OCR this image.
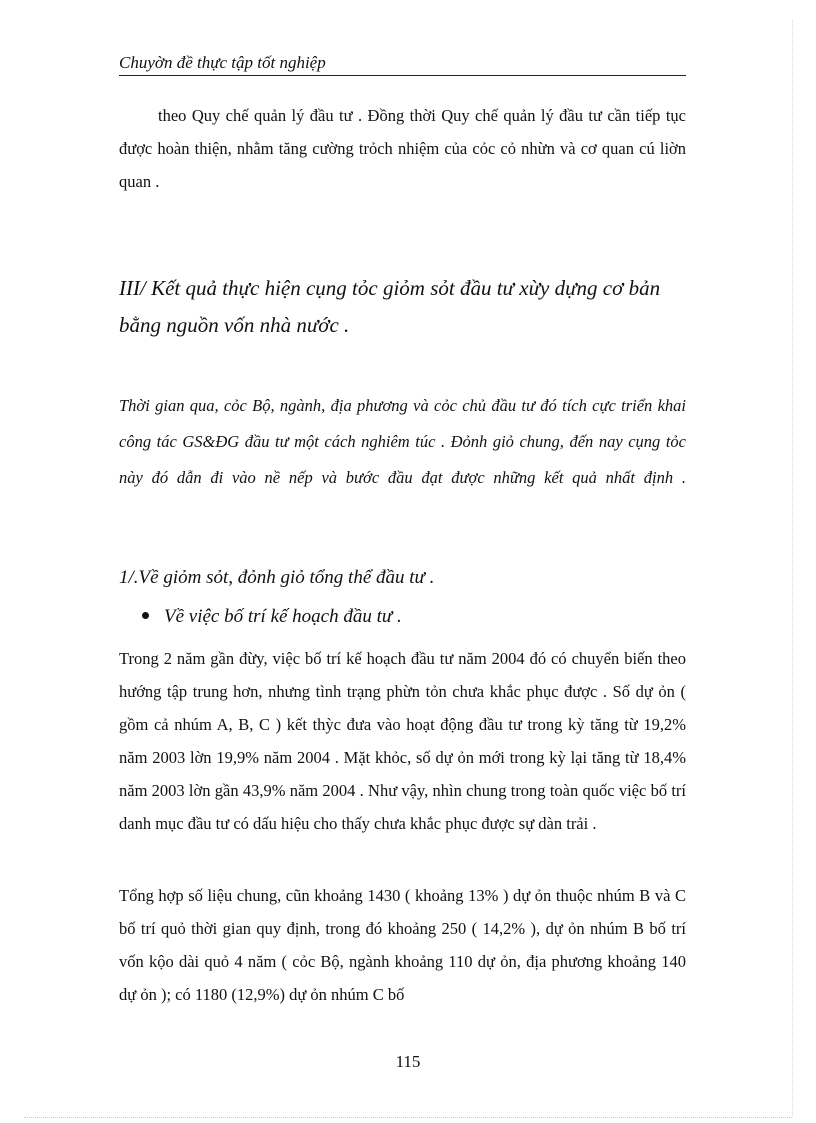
Chuyờn đề thực tập tốt nghiệp
theo Quy chế quản lý đầu tư . Đồng thời Quy chế quản lý đầu tư cần tiếp tục được hoàn thiện, nhằm tăng cường trỏch nhiệm của cỏc cỏ nhừn và cơ quan cú liờn quan .
III/ Kết quả thực hiện cụng tỏc giỏm sỏt đầu tư xừy dựng cơ bản bằng nguồn vốn nhà nước .
Thời gian qua, cỏc Bộ, ngành, địa phương và cỏc chủ đầu tư đó tích cực triển khai công tác GS&ĐG đầu tư một cách nghiêm túc . Đỏnh giỏ chung, đến nay cụng tỏc này đó dẫn đi vào nề nếp và bước đầu đạt được những kết quả nhất định .
1/.Về giỏm sỏt, đỏnh giỏ tổng thể đầu tư .
Về việc bố trí kế hoạch đầu tư .
Trong 2 năm gần đừy, việc bố trí kế hoạch đầu tư năm 2004 đó có chuyển biến theo hướng tập trung hơn, nhưng tình trạng phừn tỏn chưa khắc phục được . Số dự ỏn ( gồm cả nhúm A, B, C ) kết thỳc đưa vào hoạt động đầu tư trong kỳ tăng từ 19,2% năm 2003 lờn 19,9% năm 2004 . Mặt khỏc, số dự ỏn mới trong kỳ lại tăng từ 18,4% năm 2003 lờn gần 43,9% năm 2004 . Như vậy, nhìn chung trong toàn quốc việc bố trí danh mục đầu tư có dấu hiệu cho thấy chưa khắc phục được sự dàn trải .
Tổng hợp số liệu chung, cũn khoảng 1430 ( khoảng 13% ) dự ỏn thuộc nhúm B và C bố trí quỏ thời gian quy định, trong đó khoảng 250 ( 14,2% ), dự ỏn nhúm B bố trí vốn kộo dài quỏ 4 năm ( cỏc Bộ, ngành khoảng 110 dự ỏn, địa phương khoảng 140 dự ỏn ); có 1180 (12,9%) dự ỏn nhúm C bố
115
